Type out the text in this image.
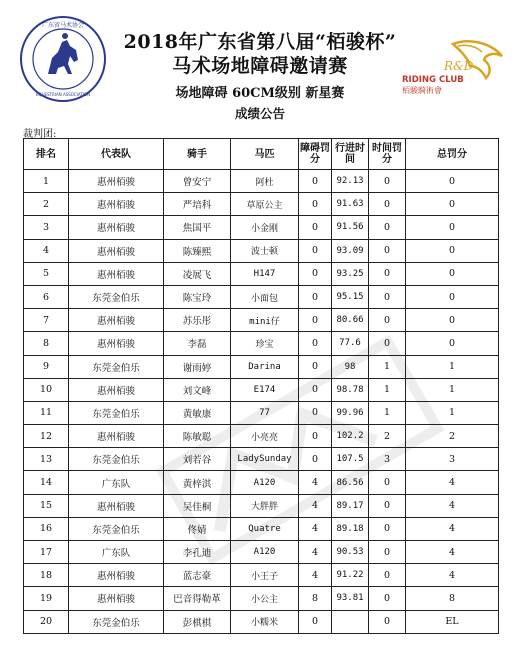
广东省马术协会
EQUESTRIAN ASSOCIATION
2018年广东省第八届“栢骏杯”
马术场地障碍邀请赛
场地障碍 60CM级别 新星赛
成绩公告
R&D
RIDING CLUB
栢駿騎術會
裁判团:
排名	代表队	骑手	马匹	障碍罚分	行进时间	时间罚分	总罚分
1	惠州栢骏	曾安宁	阿杜	0	92.13	0	0
2	惠州栢骏	严培科	草原公主	0	91.63	0	0
3	惠州栢骏	焦国平	小金刚	0	91.56	0	0
4	惠州栢骏	陈臻熙	波士顿	0	93.09	0	0
5	惠州栢骏	凌展飞	H147	0	93.25	0	0
6	东莞金伯乐	陈宝玲	小面包	0	95.15	0	0
7	惠州栢骏	苏乐彤	mini仔	0	80.66	0	0
8	惠州栢骏	李磊	珍宝	0	77.6	0	0
9	东莞金伯乐	谢雨婷	Darina	0	98	1	1
10	惠州栢骏	刘文峰	E174	0	98.78	1	1
11	东莞金伯乐	黄敏康	77	0	99.96	1	1
12	惠州栢骏	陈敏聪	小亮亮	0	102.2	2	2
13	东莞金伯乐	刘若谷	LadySunday	0	107.5	3	3
14	广东队	黄梓淇	A120	4	86.56	0	4
15	惠州栢骏	吴佳桐	大胖胖	4	89.17	0	4
16	东莞金伯乐	佟婧	Quatre	4	89.18	0	4
17	广东队	李孔迪	A120	4	90.53	0	4
18	惠州栢骏	蓝志豪	小王子	4	91.22	0	4
19	惠州栢骏	巴音得勒革	小公主	8	93.81	0	8
20	东莞金伯乐	彭棋棋	小糯米	0		0	EL
